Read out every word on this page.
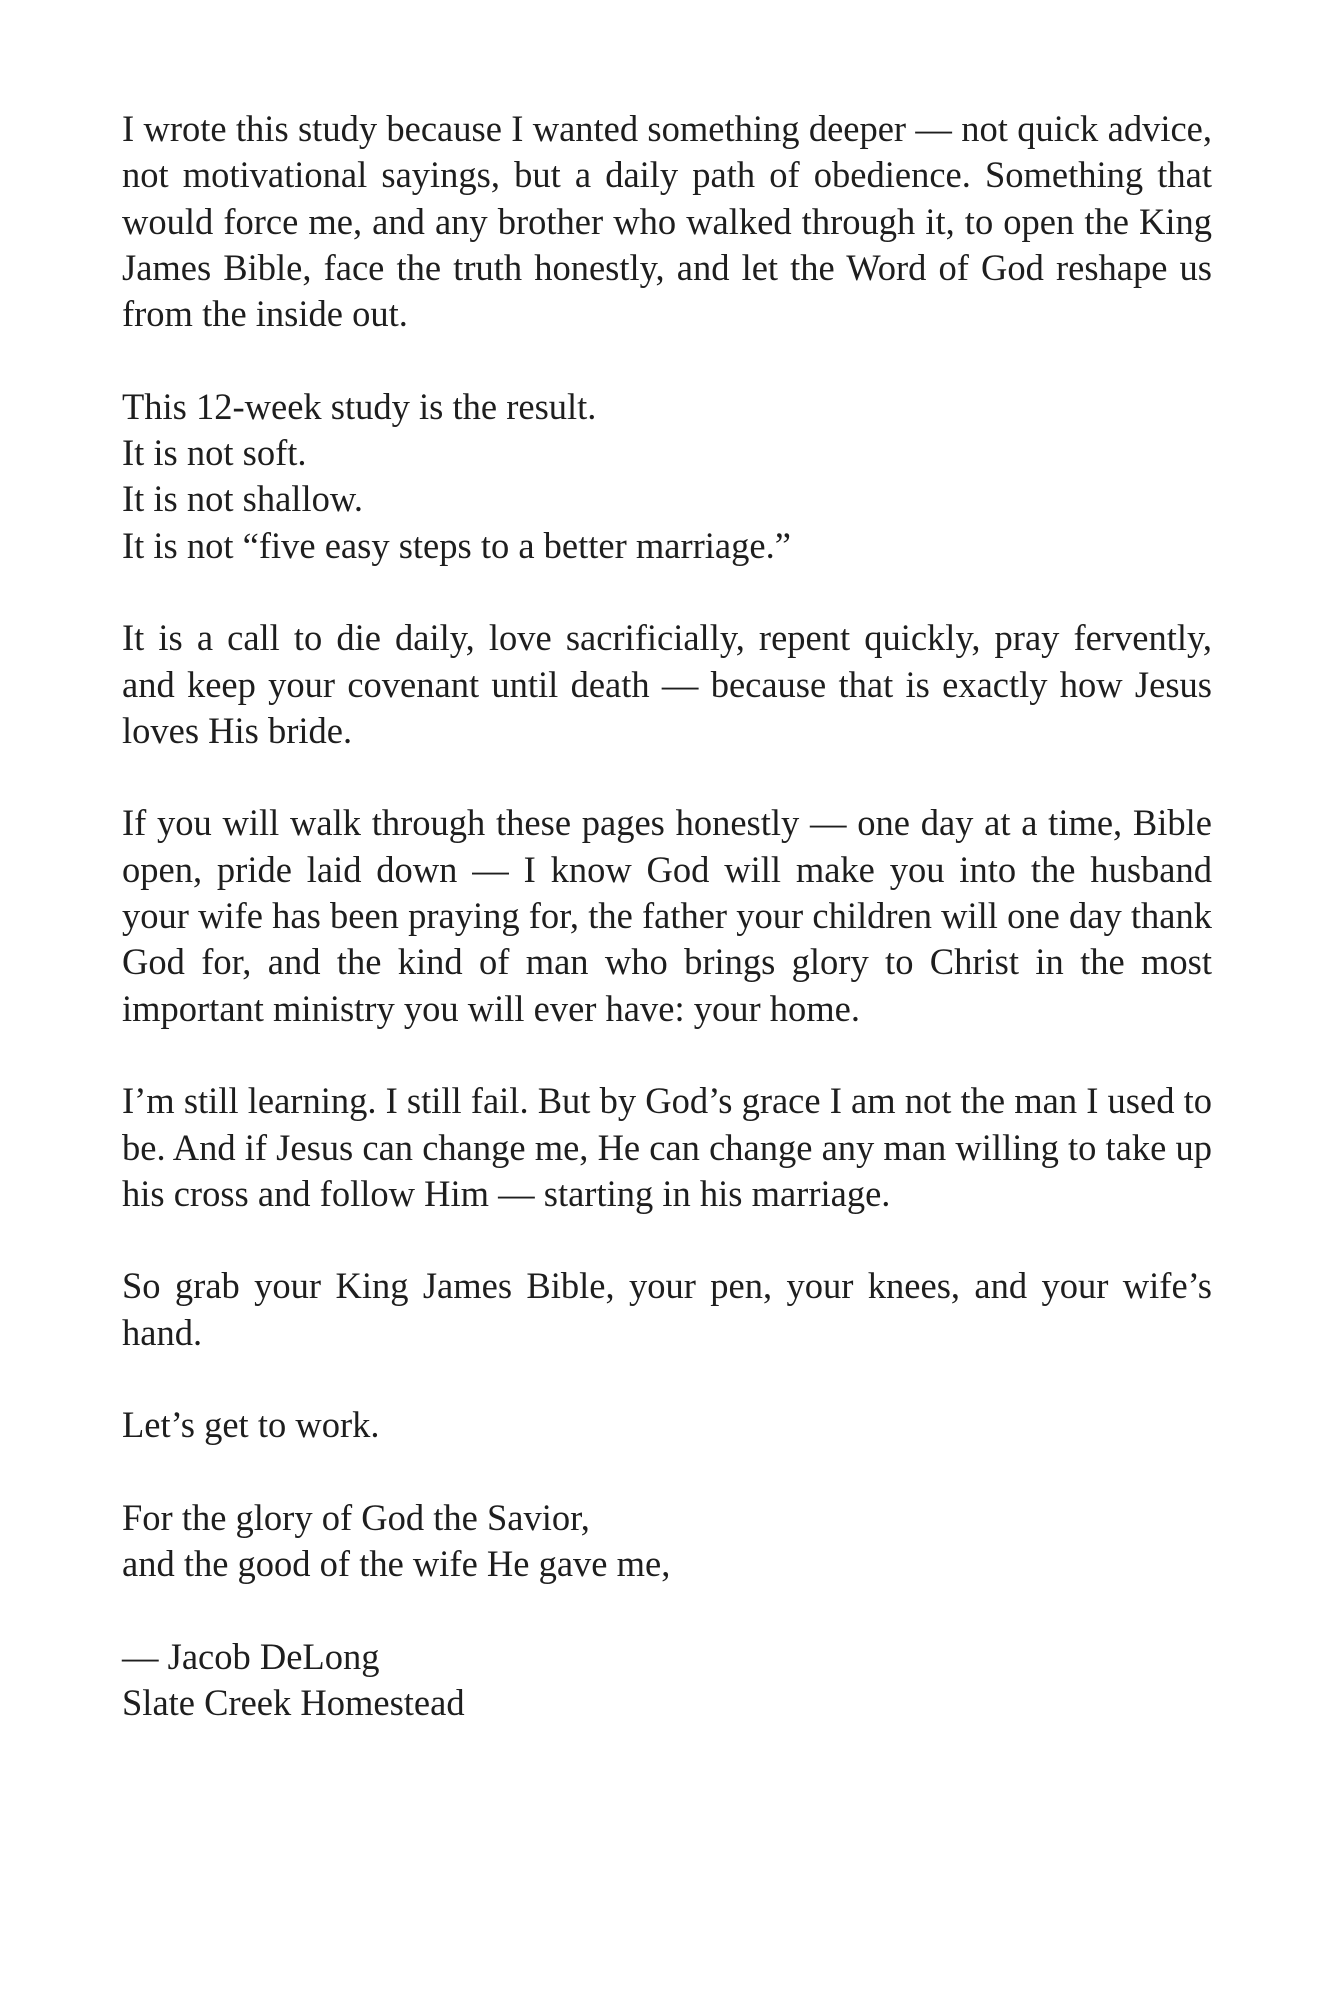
I wrote this study because I wanted something deeper — not quick advice, not motivational sayings, but a daily path of obedience. Something that would force me, and any brother who walked through it, to open the King James Bible, face the truth honestly, and let the Word of God reshape us from the inside out.

This 12-week study is the result.
It is not soft.
It is not shallow.
It is not “five easy steps to a better marriage.”

It is a call to die daily, love sacrificially, repent quickly, pray fervently, and keep your covenant until death — because that is exactly how Jesus loves His bride.

If you will walk through these pages honestly — one day at a time, Bible open, pride laid down — I know God will make you into the husband your wife has been praying for, the father your children will one day thank God for, and the kind of man who brings glory to Christ in the most important ministry you will ever have: your home.

I’m still learning. I still fail. But by God’s grace I am not the man I used to be. And if Jesus can change me, He can change any man willing to take up his cross and follow Him — starting in his marriage.

So grab your King James Bible, your pen, your knees, and your wife’s hand.

Let’s get to work.

For the glory of God the Savior,
and the good of the wife He gave me,

— Jacob DeLong
Slate Creek Homestead
